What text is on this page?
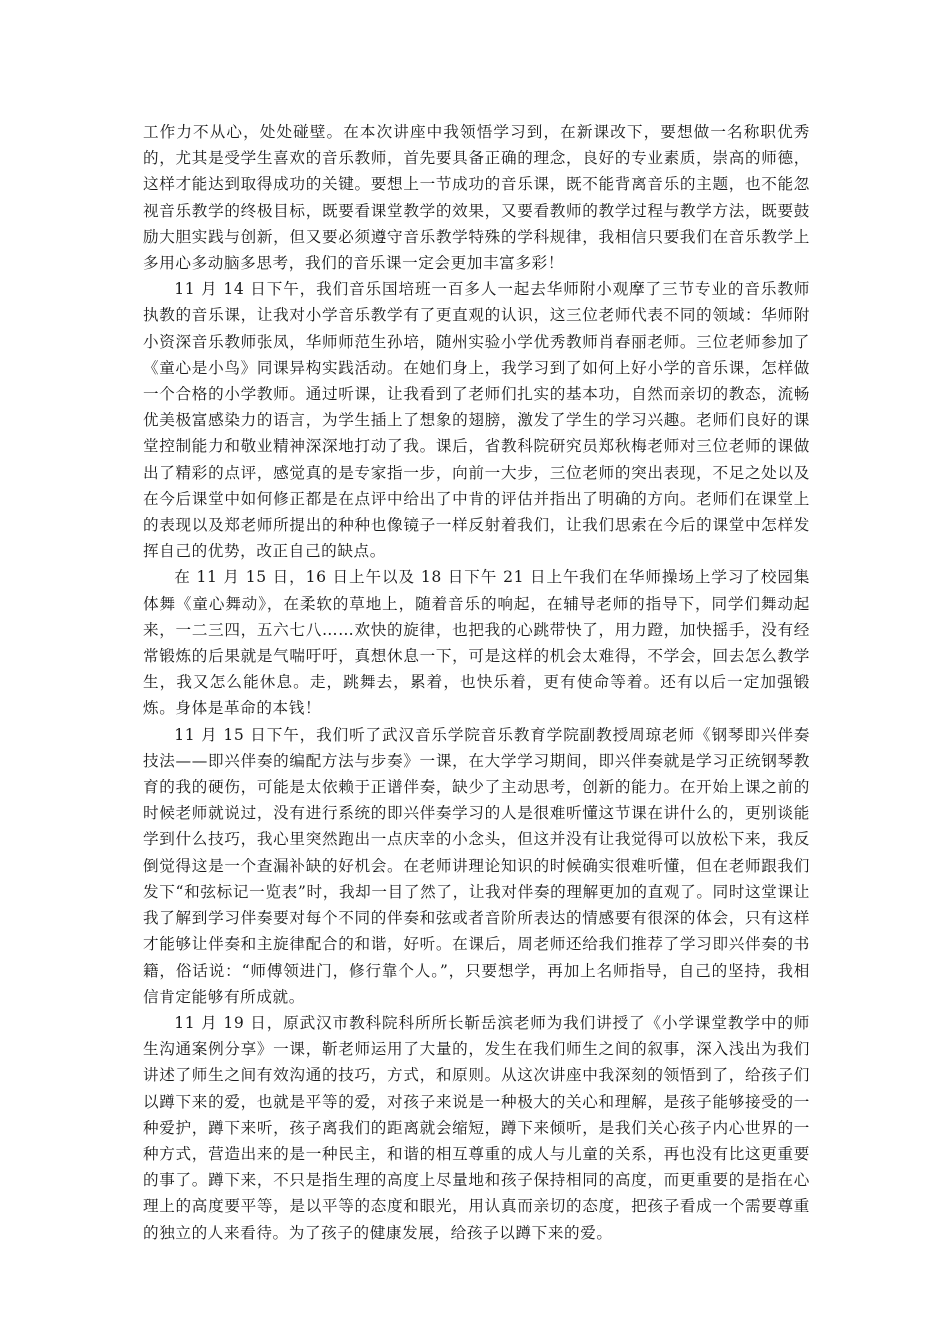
工作力不从心，处处碰壁。在本次讲座中我领悟学习到，在新课改下，要想做一名称职优秀的，尤其是受学生喜欢的音乐教师，首先要具备正确的理念，良好的专业素质，崇高的师德，这样才能达到取得成功的关键。要想上一节成功的音乐课，既不能背离音乐的主题，也不能忽视音乐教学的终极目标，既要看课堂教学的效果，又要看教师的教学过程与教学方法，既要鼓励大胆实践与创新，但又要必须遵守音乐教学特殊的学科规律，我相信只要我们在音乐教学上多用心多动脑多思考，我们的音乐课一定会更加丰富多彩！

11 月 14 日下午，我们音乐国培班一百多人一起去华师附小观摩了三节专业的音乐教师执教的音乐课，让我对小学音乐教学有了更直观的认识，这三位老师代表不同的领域：华师附小资深音乐教师张凤，华师师范生孙培，随州实验小学优秀教师肖春丽老师。三位老师参加了《童心是小鸟》同课异构实践活动。在她们身上，我学习到了如何上好小学的音乐课，怎样做一个合格的小学教师。通过听课，让我看到了老师们扎实的基本功，自然而亲切的教态，流畅优美极富感染力的语言，为学生插上了想象的翅膀，激发了学生的学习兴趣。老师们良好的课堂控制能力和敬业精神深深地打动了我。课后，省教科院研究员郑秋梅老师对三位老师的课做出了精彩的点评，感觉真的是专家指一步，向前一大步，三位老师的突出表现，不足之处以及在今后课堂中如何修正都是在点评中给出了中肯的评估并指出了明确的方向。老师们在课堂上的表现以及郑老师所提出的种种也像镜子一样反射着我们，让我们思索在今后的课堂中怎样发挥自己的优势，改正自己的缺点。

在 11 月 15 日，16 日上午以及 18 日下午 21 日上午我们在华师操场上学习了校园集体舞《童心舞动》，在柔软的草地上，随着音乐的响起，在辅导老师的指导下，同学们舞动起来，一二三四，五六七八……欢快的旋律，也把我的心跳带快了，用力蹬，加快摇手，没有经常锻炼的后果就是气喘吁吁，真想休息一下，可是这样的机会太难得，不学会，回去怎么教学生，我又怎么能休息。走，跳舞去，累着，也快乐着，更有使命等着。还有以后一定加强锻炼。身体是革命的本钱！

11 月 15 日下午，我们听了武汉音乐学院音乐教育学院副教授周琼老师《钢琴即兴伴奏技法——即兴伴奏的编配方法与步奏》一课，在大学学习期间，即兴伴奏就是学习正统钢琴教育的我的硬伤，可能是太依赖于正谱伴奏，缺少了主动思考，创新的能力。在开始上课之前的时候老师就说过，没有进行系统的即兴伴奏学习的人是很难听懂这节课在讲什么的，更别谈能学到什么技巧，我心里突然跑出一点庆幸的小念头，但这并没有让我觉得可以放松下来，我反倒觉得这是一个查漏补缺的好机会。在老师讲理论知识的时候确实很难听懂，但在老师跟我们发下“和弦标记一览表”时，我却一目了然了，让我对伴奏的理解更加的直观了。同时这堂课让我了解到学习伴奏要对每个不同的伴奏和弦或者音阶所表达的情感要有很深的体会，只有这样才能够让伴奏和主旋律配合的和谐，好听。在课后，周老师还给我们推荐了学习即兴伴奏的书籍，俗话说：“师傅领进门，修行靠个人。”，只要想学，再加上名师指导，自己的坚持，我相信肯定能够有所成就。

11 月 19 日，原武汉市教科院科所所长靳岳滨老师为我们讲授了《小学课堂教学中的师生沟通案例分享》一课，靳老师运用了大量的，发生在我们师生之间的叙事，深入浅出为我们讲述了师生之间有效沟通的技巧，方式，和原则。从这次讲座中我深刻的领悟到了，给孩子们以蹲下来的爱，也就是平等的爱，对孩子来说是一种极大的关心和理解，是孩子能够接受的一种爱护，蹲下来听，孩子离我们的距离就会缩短，蹲下来倾听，是我们关心孩子内心世界的一种方式，营造出来的是一种民主，和谐的相互尊重的成人与儿童的关系，再也没有比这更重要的事了。蹲下来，不只是指生理的高度上尽量地和孩子保持相同的高度，而更重要的是指在心理上的高度要平等，是以平等的态度和眼光，用认真而亲切的态度，把孩子看成一个需要尊重的独立的人来看待。为了孩子的健康发展，给孩子以蹲下来的爱。
